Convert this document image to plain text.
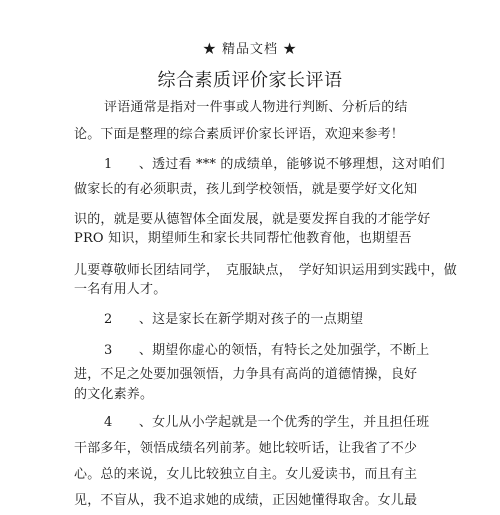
★ 精品文档 ★
综合素质评价家长评语
评语通常是指对一件事或人物进行判断、分析后的结
论。下面是整理的综合素质评价家长评语，欢迎来参考！
1　　、透过看 *** 的成绩单，能够说不够理想，这对咱们
做家长的有必须职责，孩儿到学校领悟，就是要学好文化知
识的，就是要从德智体全面发展，就是要发挥自我的才能学好
PRO 知识，期望师生和家长共同帮忙他教育他，也期望吾
儿要尊敬师长团结同学，　克服缺点，　学好知识运用到实践中，做
一名有用人才。
2　　、这是家长在新学期对孩子的一点期望
3　　、期望你虚心的领悟，有特长之处加强学，不断上
进，不足之处要加强领悟，力争具有高尚的道德情操，良好
的文化素养。
4　　、女儿从小学起就是一个优秀的学生，并且担任班
干部多年，领悟成绩名列前茅。她比较听话，让我省了不少
心。总的来说，女儿比较独立自主。女儿爱读书，而且有主
见，不盲从，我不追求她的成绩，正因她懂得取舍。女儿最
